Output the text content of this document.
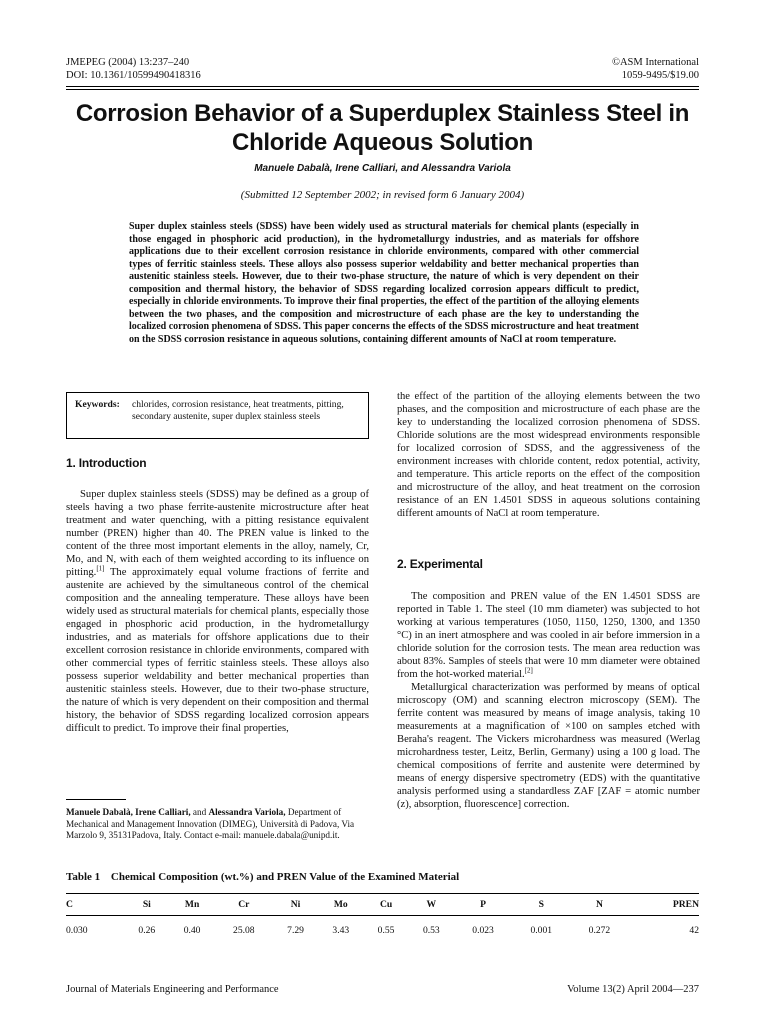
JMEPEG (2004) 13:237–240
DOI: 10.1361/10599490418316
©ASM International
1059-9495/$19.00
Corrosion Behavior of a Superduplex Stainless Steel in Chloride Aqueous Solution
Manuele Dabalà, Irene Calliari, and Alessandra Variola
(Submitted 12 September 2002; in revised form 6 January 2004)

Super duplex stainless steels (SDSS) have been widely used as structural materials for chemical plants (especially in those engaged in phosphoric acid production), in the hydrometallurgy industries, and as materials for offshore applications due to their excellent corrosion resistance in chloride environments, compared with other commercial types of ferritic stainless steels. These alloys also possess superior weldability and better mechanical properties than austenitic stainless steels. However, due to their two-phase structure, the nature of which is very dependent on their composition and thermal history, the behavior of SDSS regarding localized corrosion appears difficult to predict, especially in chloride environments. To improve their final properties, the effect of the partition of the alloying elements between the two phases, and the composition and microstructure of each phase are the key to understanding the localized corrosion phenomena of SDSS. This paper concerns the effects of the SDSS microstructure and heat treatment on the SDSS corrosion resistance in aqueous solutions, containing different amounts of NaCl at room temperature.

Keywords:	chlorides, corrosion resistance, heat treatments, pitting, secondary austenite, super duplex stainless steels
1. Introduction

Super duplex stainless steels (SDSS) may be defined as a group of steels having a two phase ferrite-austenite microstructure after heat treatment and water quenching, with a pitting resistance equivalent number (PREN) higher than 40. The PREN value is linked to the content of the three most important elements in the alloy, namely, Cr, Mo, and N, with each of them weighted according to its influence on pitting.[1] The approximately equal volume fractions of ferrite and austenite are achieved by the simultaneous control of the chemical composition and the annealing temperature. These alloys have been widely used as structural materials for chemical plants, especially those engaged in phosphoric acid production, in the hydrometallurgy industries, and as materials for offshore applications due to their excellent corrosion resistance in chloride environments, compared with other commercial types of ferritic stainless steels. These alloys also possess superior weldability and better mechanical properties than austenitic stainless steels. However, due to their two-phase structure, the nature of which is very dependent on their composition and thermal history, the behavior of SDSS regarding localized corrosion appears difficult to predict. To improve their final properties,

Manuele Dabalà, Irene Calliari, and Alessandra Variola, Department of Mechanical and Management Innovation (DIMEG), Università di Padova, Via Marzolo 9, 35131Padova, Italy. Contact e-mail: manuele.dabala@unipd.it.

the effect of the partition of the alloying elements between the two phases, and the composition and microstructure of each phase are the key to understanding the localized corrosion phenomena of SDSS. Chloride solutions are the most widespread environments responsible for localized corrosion of SDSS, and the aggressiveness of the environment increases with chloride content, redox potential, activity, and temperature. This article reports on the effect of the composition and microstructure of the alloy, and heat treatment on the corrosion resistance of an EN 1.4501 SDSS in aqueous solutions containing different amounts of NaCl at room temperature.

2. Experimental

The composition and PREN value of the EN 1.4501 SDSS are reported in Table 1. The steel (10 mm diameter) was subjected to hot working at various temperatures (1050, 1150, 1250, 1300, and 1350 °C) in an inert atmosphere and was cooled in air before immersion in a chloride solution for the corrosion tests. The mean area reduction was about 83%. Samples of steels that were 10 mm diameter were obtained from the hot-worked material.[2]

Metallurgical characterization was performed by means of optical microscopy (OM) and scanning electron microscopy (SEM). The ferrite content was measured by means of image analysis, taking 10 measurements at a magnification of ×100 on samples etched with Beraha's reagent. The Vickers microhardness was measured (Werlag microhardness tester, Leitz, Berlin, Germany) using a 100 g load. The chemical compositions of ferrite and austenite were determined by means of energy dispersive spectrometry (EDS) with the quantitative analysis performed using a standardless ZAF [ZAF = atomic number (z), absorption, fluorescence] correction.

Table 1 Chemical Composition (wt.%) and PREN Value of the Examined Material
C	Si	Mn	Cr	Ni	Mo	Cu	W	P	S	N	PREN
0.030	0.26	0.40	25.08	7.29	3.43	0.55	0.53	0.023	0.001	0.272	42
Journal of Materials Engineering and Performance	Volume 13(2) April 2004—237
